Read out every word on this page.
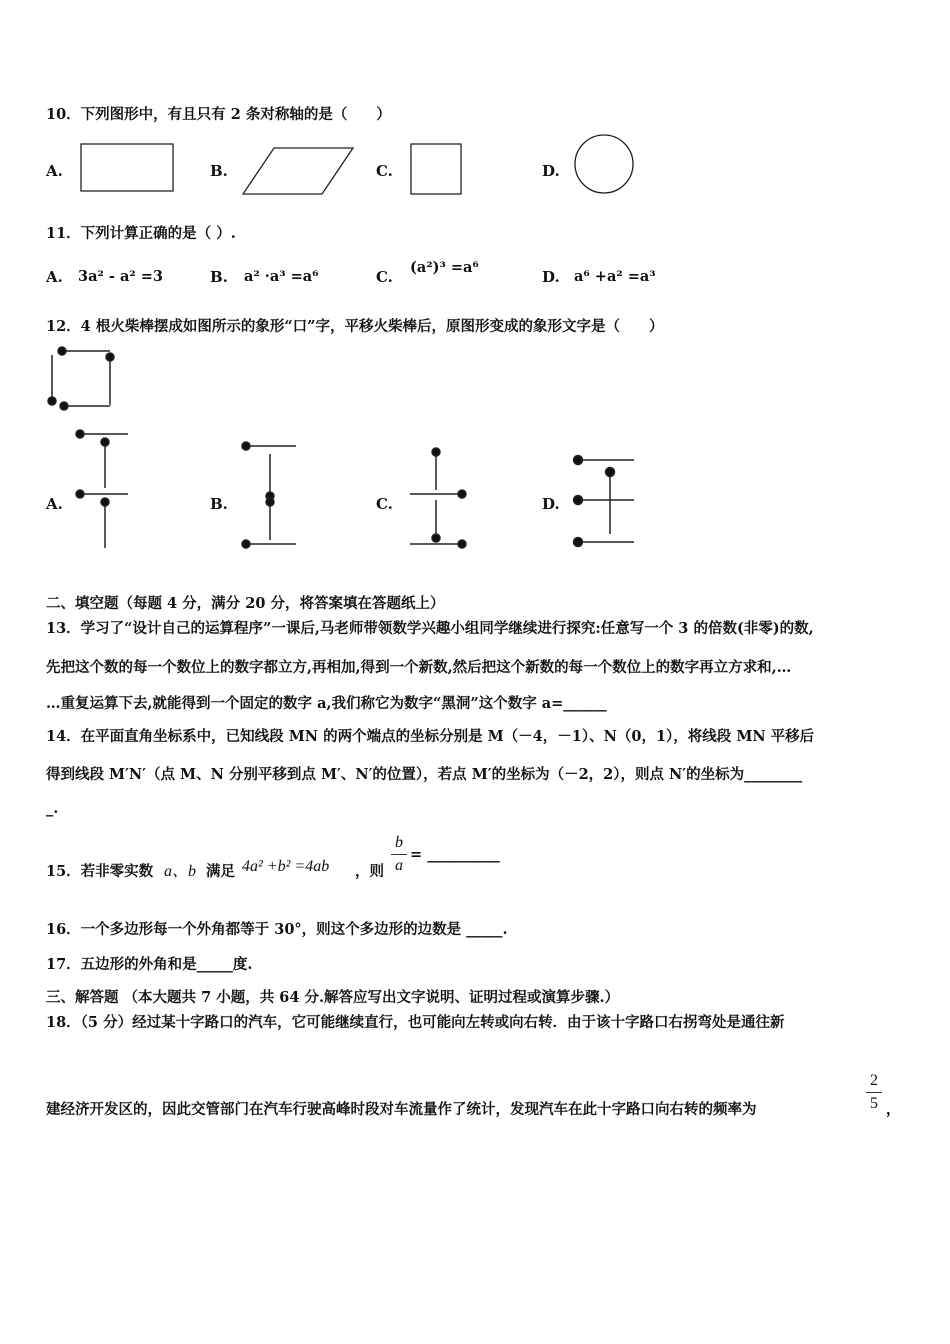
10．下列图形中，有且只有 2 条对称轴的是（　　）
A.	B.	C.	D.
11．下列计算正确的是（ ）.
A. 3a² - a² =3	B. a² ·a³ =a⁶	C.
(a²)³ =a⁶
D. a⁶ +a² =a³
12．4 根火柴棒摆成如图所示的象形“口”字，平移火柴棒后，原图形变成的象形文字是（　　）
A.	B.	C.	D.
二、填空题（每题 4 分，满分 20 分，将答案填在答题纸上）
13．学习了“设计自己的运算程序”一课后,马老师带领数学兴趣小组同学继续进行探究:任意写一个 3 的倍数(非零)的数,
先把这个数的每一个数位上的数字都立方,再相加,得到一个新数,然后把这个新数的每一个数位上的数字再立方求和,…
…重复运算下去,就能得到一个固定的数字 a,我们称它为数字“黑洞”这个数字 a=______
14．在平面直角坐标系中，已知线段 MN 的两个端点的坐标分别是 M（－4，－1）、N（0，1），将线段 MN 平移后
得到线段 M′N′（点 M、N 分别平移到点 M′、N′的位置），若点 M′的坐标为（－2，2），则点 N′的坐标为________
_.
15．若非零实数 a、b 满足 4a² +b² =4ab ，则
b
a
= __________
16．一个多边形每一个外角都等于 30°，则这个多边形的边数是 _____.
17．五边形的外角和是_____度.
三、解答题 （本大题共 7 小题，共 64 分.解答应写出文字说明、证明过程或演算步骤.）
18．（5 分）经过某十字路口的汽车，它可能继续直行，也可能向左转或向右转．由于该十字路口右拐弯处是通往新
建经济开发区的，因此交管部门在汽车行驶高峰时段对车流量作了统计，发现汽车在此十字路口向右转的频率为
2
5 ，
